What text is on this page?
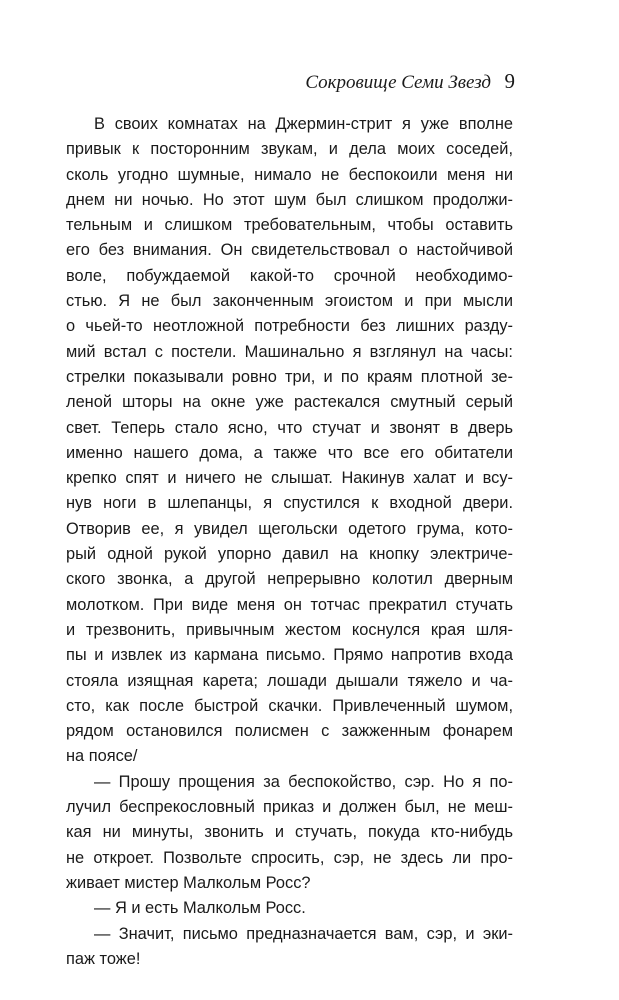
Сокровище Семи Звезд 9
В своих комнатах на Джермин-стрит я уже вполне
привык к посторонним звукам, и дела моих соседей,
сколь угодно шумные, нимало не беспокоили меня ни
днем ни ночью. Но этот шум был слишком продолжи-
тельным и слишком требовательным, чтобы оставить
его без внимания. Он свидетельствовал о настойчивой
воле, побуждаемой какой-то срочной необходимо-
стью. Я не был законченным эгоистом и при мысли
о чьей-то неотложной потребности без лишних разду-
мий встал с постели. Машинально я взглянул на часы:
стрелки показывали ровно три, и по краям плотной зе-
леной шторы на окне уже растекался смутный серый
свет. Теперь стало ясно, что стучат и звонят в дверь
именно нашего дома, а также что все его обитатели
крепко спят и ничего не слышат. Накинув халат и всу-
нув ноги в шлепанцы, я спустился к входной двери.
Отворив ее, я увидел щегольски одетого грума, кото-
рый одной рукой упорно давил на кнопку электриче-
ского звонка, а другой непрерывно колотил дверным
молотком. При виде меня он тотчас прекратил стучать
и трезвонить, привычным жестом коснулся края шля-
пы и извлек из кармана письмо. Прямо напротив входа
стояла изящная карета; лошади дышали тяжело и ча-
сто, как после быстрой скачки. Привлеченный шумом,
рядом остановился полисмен с зажженным фонарем
на поясе/
— Прошу прощения за беспокойство, сэр. Но я по-
лучил беспрекословный приказ и должен был, не меш-
кая ни минуты, звонить и стучать, покуда кто-нибудь
не откроет. Позвольте спросить, сэр, не здесь ли про-
живает мистер Малкольм Росс?
— Я и есть Малкольм Росс.
— Значит, письмо предназначается вам, сэр, и эки-
паж тоже!
